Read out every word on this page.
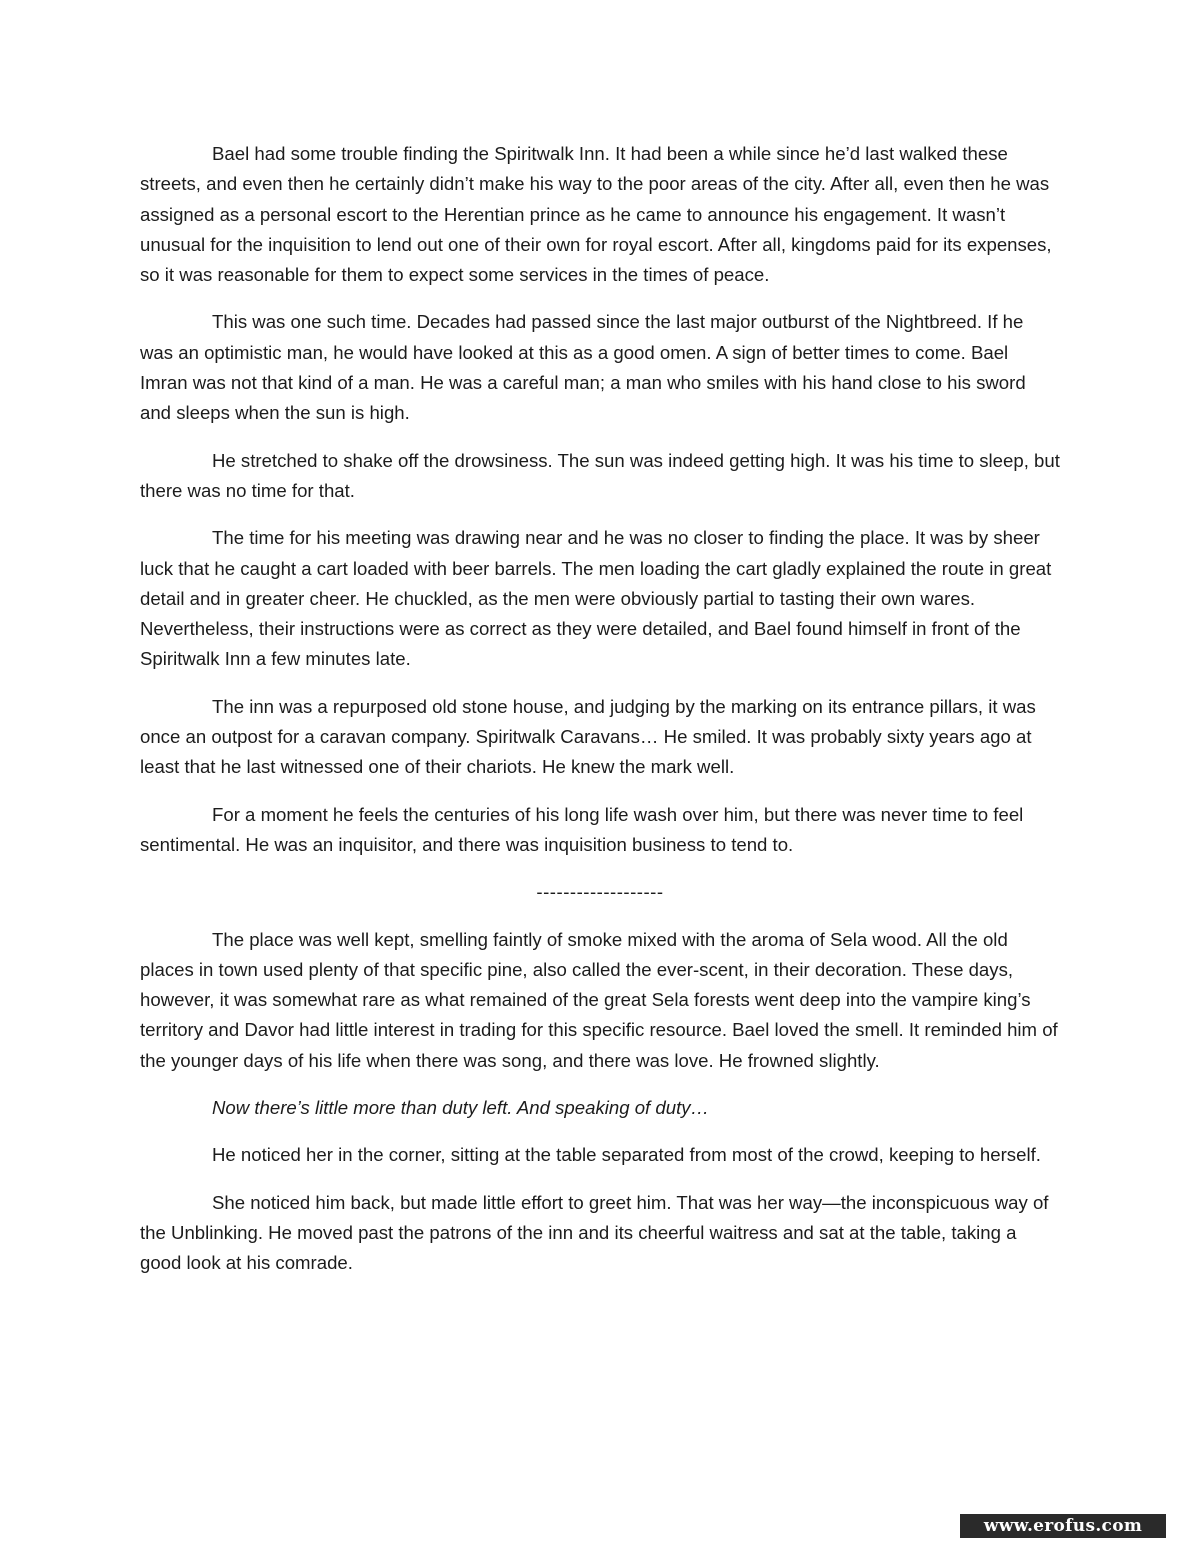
Bael had some trouble finding the Spiritwalk Inn. It had been a while since he’d last walked these streets, and even then he certainly didn’t make his way to the poor areas of the city. After all, even then he was assigned as a personal escort to the Herentian prince as he came to announce his engagement. It wasn’t unusual for the inquisition to lend out one of their own for royal escort. After all, kingdoms paid for its expenses, so it was reasonable for them to expect some services in the times of peace.

This was one such time. Decades had passed since the last major outburst of the Nightbreed. If he was an optimistic man, he would have looked at this as a good omen. A sign of better times to come. Bael Imran was not that kind of a man. He was a careful man; a man who smiles with his hand close to his sword and sleeps when the sun is high.

He stretched to shake off the drowsiness. The sun was indeed getting high. It was his time to sleep, but there was no time for that.

The time for his meeting was drawing near and he was no closer to finding the place. It was by sheer luck that he caught a cart loaded with beer barrels. The men loading the cart gladly explained the route in great detail and in greater cheer. He chuckled, as the men were obviously partial to tasting their own wares. Nevertheless, their instructions were as correct as they were detailed, and Bael found himself in front of the Spiritwalk Inn a few minutes late.

The inn was a repurposed old stone house, and judging by the marking on its entrance pillars, it was once an outpost for a caravan company. Spiritwalk Caravans… He smiled. It was probably sixty years ago at least that he last witnessed one of their chariots. He knew the mark well.

For a moment he feels the centuries of his long life wash over him, but there was never time to feel sentimental. He was an inquisitor, and there was inquisition business to tend to.

-------------------

The place was well kept, smelling faintly of smoke mixed with the aroma of Sela wood. All the old places in town used plenty of that specific pine, also called the ever-scent, in their decoration. These days, however, it was somewhat rare as what remained of the great Sela forests went deep into the vampire king’s territory and Davor had little interest in trading for this specific resource. Bael loved the smell. It reminded him of the younger days of his life when there was song, and there was love. He frowned slightly.

Now there’s little more than duty left. And speaking of duty…

He noticed her in the corner, sitting at the table separated from most of the crowd, keeping to herself.

She noticed him back, but made little effort to greet him. That was her way—the inconspicuous way of the Unblinking. He moved past the patrons of the inn and its cheerful waitress and sat at the table, taking a good look at his comrade.

www.erofus.com
